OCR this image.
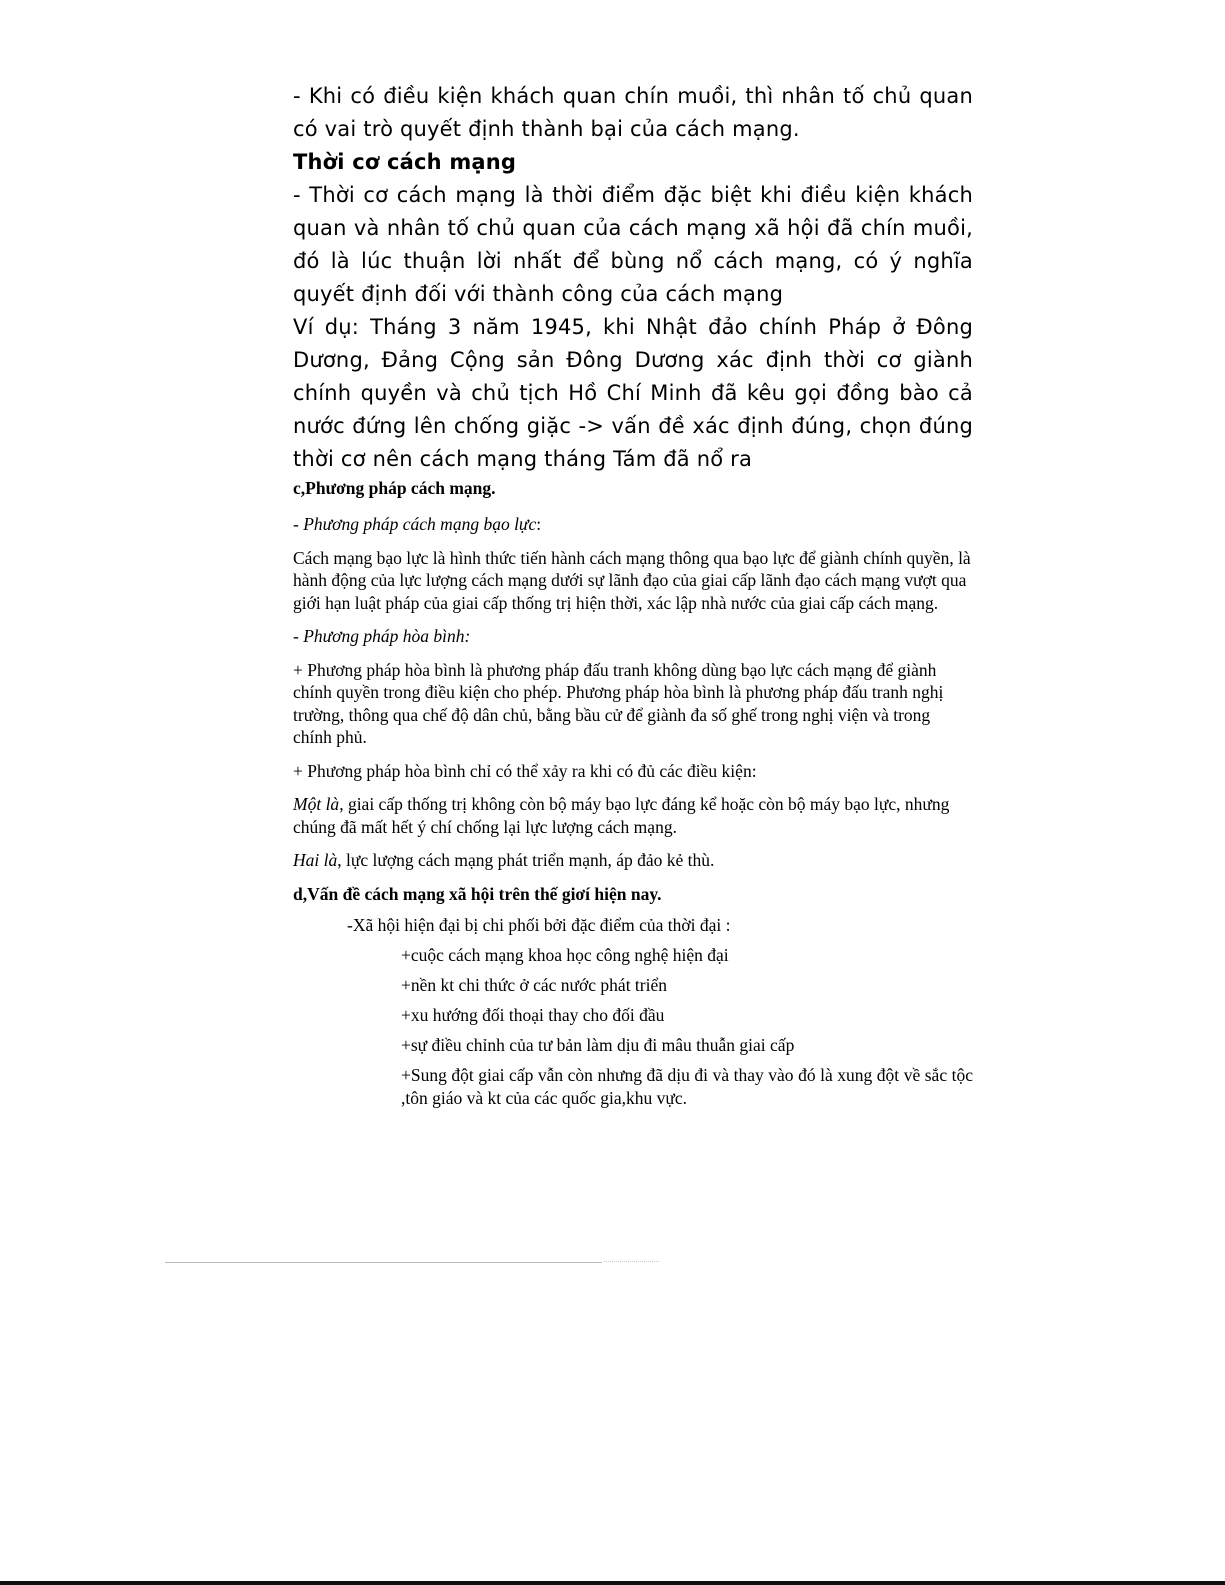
- Khi có điều kiện khách quan chín muồi, thì nhân tố chủ quan có vai trò quyết định thành bại của cách mạng.

Thời cơ cách mạng

- Thời cơ cách mạng là thời điểm đặc biệt khi điều kiện khách quan và nhân tố chủ quan của cách mạng xã hội đã chín muồi, đó là lúc thuận lời nhất để bùng nổ cách mạng, có ý nghĩa quyết định đối với thành công của cách mạng

Ví dụ: Tháng 3 năm 1945, khi Nhật đảo chính Pháp ở Đông Dương, Đảng Cộng sản Đông Dương xác định thời cơ giành chính quyền và chủ tịch Hồ Chí Minh đã kêu gọi đồng bào cả nước đứng lên chống giặc -> vấn đề xác định đúng, chọn đúng thời cơ nên cách mạng tháng Tám đã nổ ra

c,Phương pháp cách mạng.

- Phương pháp cách mạng bạo lực:

Cách mạng bạo lực là hình thức tiến hành cách mạng thông qua bạo lực để giành chính quyền, là hành động của lực lượng cách mạng dưới sự lãnh đạo của giai cấp lãnh đạo cách mạng vượt qua giới hạn luật pháp của giai cấp thống trị hiện thời, xác lập nhà nước của giai cấp cách mạng.

- Phương pháp hòa bình:

+ Phương pháp hòa bình là phương pháp đấu tranh không dùng bạo lực cách mạng để giành chính quyền trong điều kiện cho phép. Phương pháp hòa bình là phương pháp đấu tranh nghị trường, thông qua chế độ dân chủ, bằng bầu cử để giành đa số ghế trong nghị viện và trong chính phủ.

+ Phương pháp hòa bình chỉ có thể xảy ra khi có đủ các điều kiện:

Một là, giai cấp thống trị không còn bộ máy bạo lực đáng kể hoặc còn bộ máy bạo lực, nhưng chúng đã mất hết ý chí chống lại lực lượng cách mạng.

Hai là, lực lượng cách mạng phát triển mạnh, áp đảo kẻ thù.

d,Vấn đề cách mạng xã hội trên thế giơí hiện nay.

-Xã hội hiện đại bị chi phối bởi đặc điểm của thời đại :

+cuộc cách mạng khoa học công nghệ hiện đại

+nền kt chi thức ở các nước phát triển

+xu hướng đối thoại thay cho đối đầu

+sự điều chỉnh của tư bản làm dịu đi mâu thuẫn giai cấp

+Sung đột giai cấp vẫn còn nhưng đã dịu đi và thay vào đó là xung đột về sắc tộc ,tôn giáo và kt của các quốc gia,khu vực.
